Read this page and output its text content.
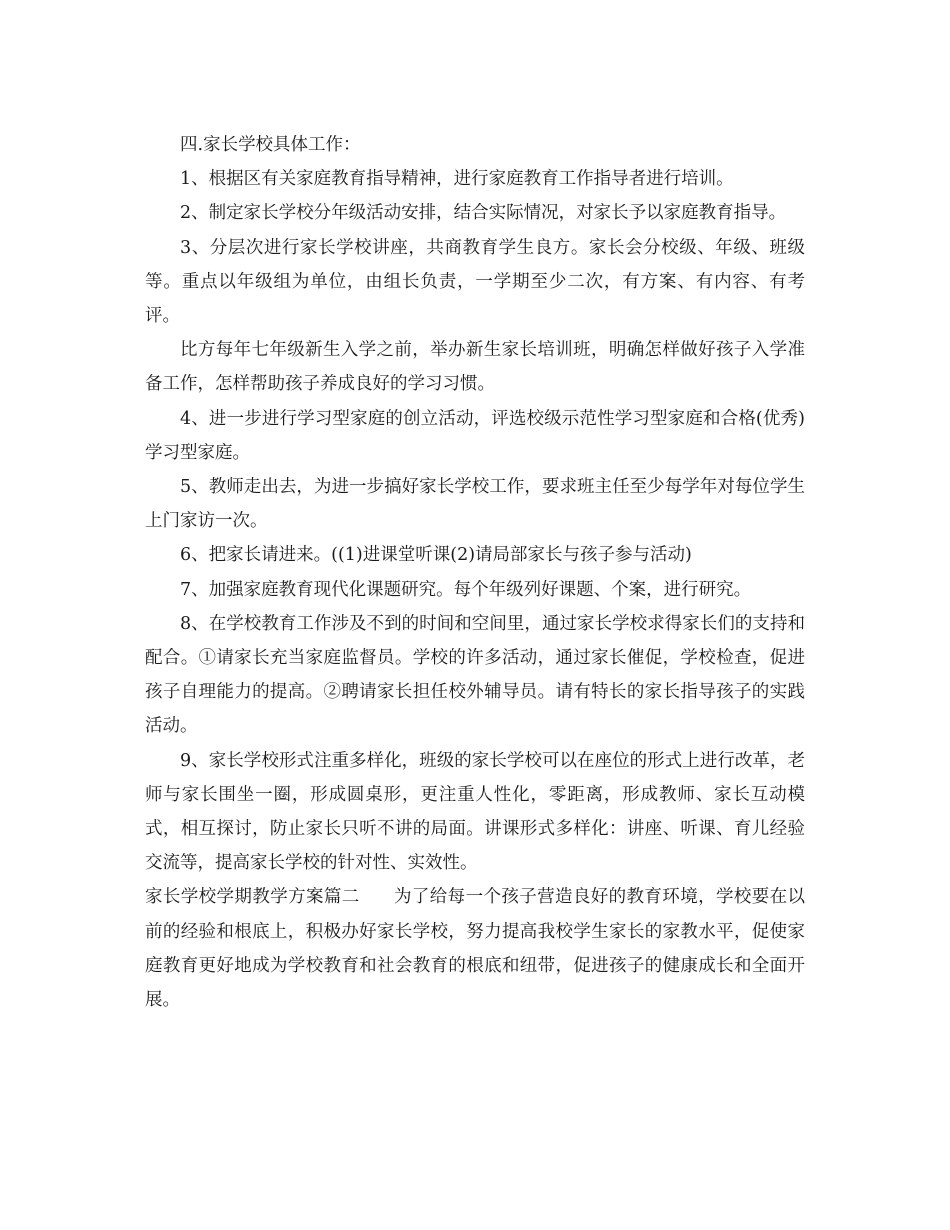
四.家长学校具体工作：

1、根据区有关家庭教育指导精神，进行家庭教育工作指导者进行培训。

2、制定家长学校分年级活动安排，结合实际情况，对家长予以家庭教育指导。

3、分层次进行家长学校讲座，共商教育学生良方。家长会分校级、年级、班级等。重点以年级组为单位，由组长负责，一学期至少二次，有方案、有内容、有考评。

比方每年七年级新生入学之前，举办新生家长培训班，明确怎样做好孩子入学准备工作，怎样帮助孩子养成良好的学习习惯。

4、进一步进行学习型家庭的创立活动，评选校级示范性学习型家庭和合格(优秀)学习型家庭。

5、教师走出去，为进一步搞好家长学校工作，要求班主任至少每学年对每位学生上门家访一次。

6、把家长请进来。((1)进课堂听课(2)请局部家长与孩子参与活动)

7、加强家庭教育现代化课题研究。每个年级列好课题、个案，进行研究。

8、在学校教育工作涉及不到的时间和空间里，通过家长学校求得家长们的支持和配合。①请家长充当家庭监督员。学校的许多活动，通过家长催促，学校检查，促进孩子自理能力的提高。②聘请家长担任校外辅导员。请有特长的家长指导孩子的实践活动。

9、家长学校形式注重多样化，班级的家长学校可以在座位的形式上进行改革，老师与家长围坐一圈，形成圆桌形，更注重人性化，零距离，形成教师、家长互动模式，相互探讨，防止家长只听不讲的局面。讲课形式多样化：讲座、听课、育儿经验交流等，提高家长学校的针对性、实效性。

家长学校学期教学方案篇二 为了给每一个孩子营造良好的教育环境，学校要在以前的经验和根底上，积极办好家长学校，努力提高我校学生家长的家教水平，促使家庭教育更好地成为学校教育和社会教育的根底和纽带，促进孩子的健康成长和全面开展。
